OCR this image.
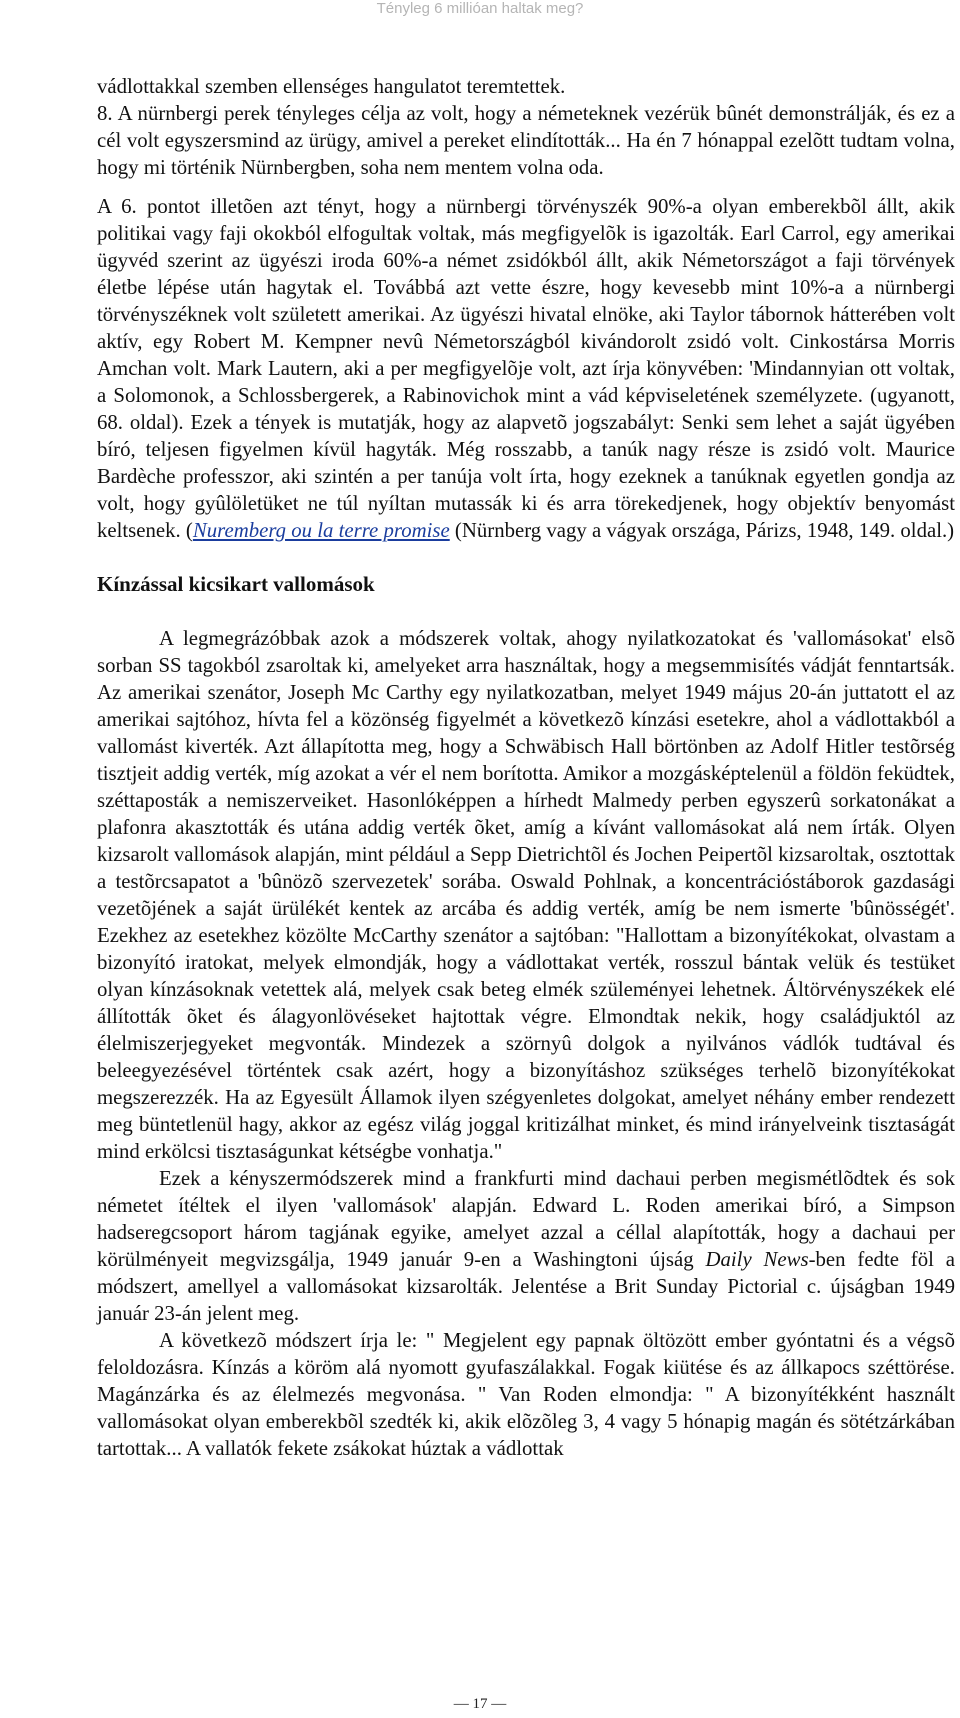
Tényleg 6 millióan haltak meg?

vádlottakkal szemben ellenséges hangulatot teremtettek.

8. A nürnbergi perek tényleges célja az volt, hogy a németeknek vezérük bûnét demonstrálják, és ez a cél volt egyszersmind az ürügy, amivel a pereket elindították... Ha én 7 hónappal ezelõtt tudtam volna, hogy mi történik Nürnbergben, soha nem mentem volna oda.

A 6. pontot illetõen azt tényt, hogy a nürnbergi törvényszék 90%-a olyan emberekbõl állt, akik politikai vagy faji okokból elfogultak voltak, más megfigyelõk is igazolták. Earl Carrol, egy amerikai ügyvéd szerint az ügyészi iroda 60%-a német zsidókból állt, akik Németországot a faji törvények életbe lépése után hagytak el. Továbbá azt vette észre, hogy kevesebb mint 10%-a a nürnbergi törvényszéknek volt született amerikai. Az ügyészi hivatal elnöke, aki Taylor tábornok hátterében volt aktív, egy Robert M. Kempner nevû Németországból kivándorolt zsidó volt. Cinkostársa Morris Amchan volt. Mark Lautern, aki a per megfigyelõje volt, azt írja könyvében: 'Mindannyian ott voltak, a Solomonok, a Schlossbergerek, a Rabinovichok mint a vád képviseletének személyzete. (ugyanott, 68. oldal). Ezek a tények is mutatják, hogy az alapvetõ jogszabályt: Senki sem lehet a saját ügyében bíró, teljesen figyelmen kívül hagyták. Még rosszabb, a tanúk nagy része is zsidó volt. Maurice Bardèche professzor, aki szintén a per tanúja volt írta, hogy ezeknek a tanúknak egyetlen gondja az volt, hogy gyûlöletüket ne túl nyíltan mutassák ki és arra törekedjenek, hogy objektív benyomást keltsenek. (Nuremberg ou la terre promise (Nürnberg vagy a vágyak országa, Párizs, 1948, 149. oldal.)

Kínzással kicsikart vallomások

A legmegrázóbbak azok a módszerek voltak, ahogy nyilatkozatokat és 'vallomásokat' elsõ sorban SS tagokból zsaroltak ki, amelyeket arra használtak, hogy a megsemmisítés vádját fenntartsák. Az amerikai szenátor, Joseph Mc Carthy egy nyilatkozatban, melyet 1949 május 20-án juttatott el az amerikai sajtóhoz, hívta fel a közönség figyelmét a következõ kínzási esetekre, ahol a vádlottakból a vallomást kiverték. Azt állapította meg, hogy a Schwäbisch Hall börtönben az Adolf Hitler testõrség tisztjeit addig verték, míg azokat a vér el nem borította. Amikor a mozgásképtelenül a földön feküdtek, széttaposták a nemiszerveiket. Hasonlóképpen a hírhedt Malmedy perben egyszerû sorkatonákat a plafonra akasztották és utána addig verték õket, amíg a kívánt vallomásokat alá nem írták. Olyen kizsarolt vallomások alapján, mint például a Sepp Dietrichtõl és Jochen Peipertõl kizsaroltak, osztottak a testõrcsapatot a 'bûnözõ szervezetek' sorába. Oswald Pohlnak, a koncentrációstáborok gazdasági vezetõjének a saját ürülékét kentek az arcába és addig verték, amíg be nem ismerte 'bûnösségét'. Ezekhez az esetekhez közölte McCarthy szenátor a sajtóban: "Hallottam a bizonyítékokat, olvastam a bizonyító iratokat, melyek elmondják, hogy a vádlottakat verték, rosszul bántak velük és testüket olyan kínzásoknak vetettek alá, melyek csak beteg elmék szüleményei lehetnek. Áltörvényszékek elé állították õket és álagyonlövéseket hajtottak végre. Elmondtak nekik, hogy családjuktól az élelmiszerjegyeket megvonták. Mindezek a szörnyû dolgok a nyilvános vádlók tudtával és beleegyezésével történtek csak azért, hogy a bizonyításhoz szükséges terhelõ bizonyítékokat megszerezzék. Ha az Egyesült Államok ilyen szégyenletes dolgokat, amelyet néhány ember rendezett meg büntetlenül hagy, akkor az egész világ joggal kritizálhat minket, és mind irányelveink tisztaságát mind erkölcsi tisztaságunkat kétségbe vonhatja."

Ezek a kényszermódszerek mind a frankfurti mind dachaui perben megismétlõdtek és sok németet ítéltek el ilyen 'vallomások' alapján. Edward L. Roden amerikai bíró, a Simpson hadseregcsoport három tagjának egyike, amelyet azzal a céllal alapították, hogy a dachaui per körülményeit megvizsgálja, 1949 január 9-en a Washingtoni újság Daily News-ben fedte föl a módszert, amellyel a vallomásokat kizsarolták. Jelentése a Brit Sunday Pictorial c. újságban 1949 január 23-án jelent meg.

A következõ módszert írja le: " Megjelent egy papnak öltözött ember gyóntatni és a végsõ feloldozásra. Kínzás a köröm alá nyomott gyufaszálakkal. Fogak kiütése és az állkapocs széttörése. Magánzárka és az élelmezés megvonása. " Van Roden elmondja: " A bizonyítékként használt vallomásokat olyan emberekbõl szedték ki, akik elõzõleg 3, 4 vagy 5 hónapig magán és sötétzárkában tartottak... A vallatók fekete zsákokat húztak a vádlottak

— 17 —
